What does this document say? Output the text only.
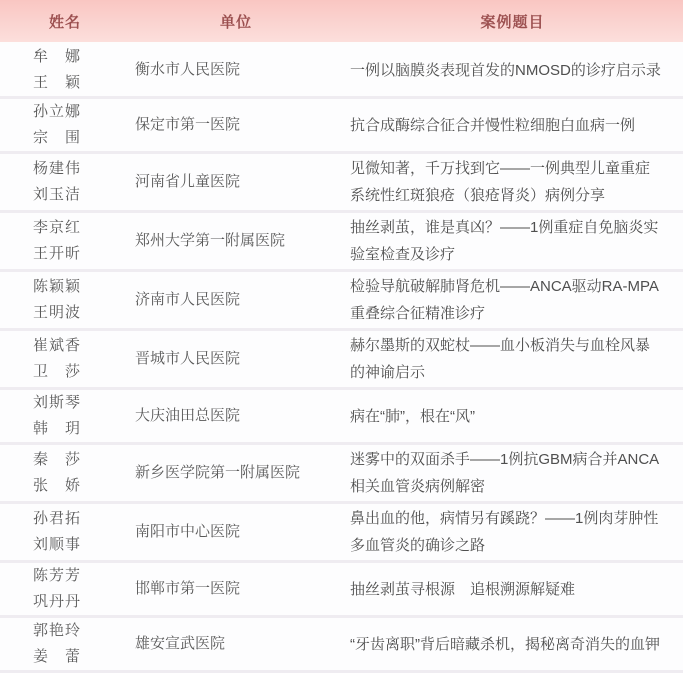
姓名	单位	案例题目

牟　娜
王　颖	衡水市人民医院	一例以脑膜炎表现首发的NMOSD的诊疗启示录

孙立娜
宗　围	保定市第一医院	抗合成酶综合征合并慢性粒细胞白血病一例

杨建伟
刘玉洁	河南省儿童医院	见微知著，千万找到它——一例典型儿童重症系统性红斑狼疮（狼疮肾炎）病例分享

李京红
王开昕	郑州大学第一附属医院	抽丝剥茧，谁是真凶？——1例重症自免脑炎实验室检查及诊疗

陈颖颖
王明波	济南市人民医院	检验导航破解肺肾危机——ANCA驱动RA-MPA重叠综合征精准诊疗

崔斌香
卫　莎	晋城市人民医院	赫尔墨斯的双蛇杖——血小板消失与血栓风暴的神谕启示

刘斯琴
韩　玥	大庆油田总医院	病在“肺”，根在“风”

秦　莎
张　娇	新乡医学院第一附属医院	迷雾中的双面杀手——1例抗GBM病合并ANCA相关血管炎病例解密

孙君拓
刘顺事	南阳市中心医院	鼻出血的他，病情另有蹊跷？——1例肉芽肿性多血管炎的确诊之路

陈芳芳
巩丹丹	邯郸市第一医院	抽丝剥茧寻根源　追根溯源解疑难

郭艳玲
姜　蕾	雄安宣武医院	“牙齿离职”背后暗藏杀机，揭秘离奇消失的血钾
